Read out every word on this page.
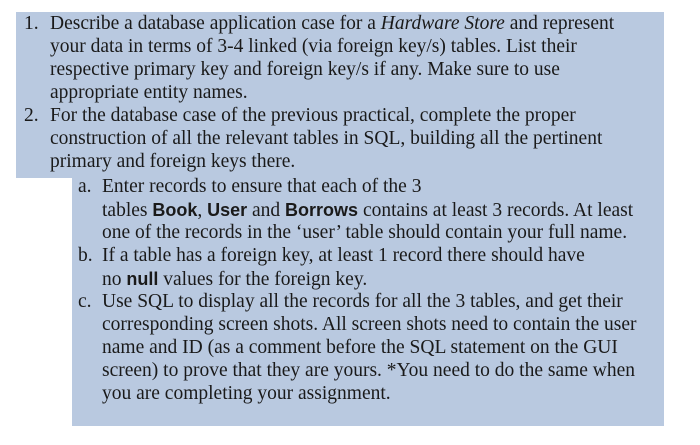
1. Describe a database application case for a Hardware Store and represent
your data in terms of 3-4 linked (via foreign key/s) tables. List their
respective primary key and foreign key/s if any. Make sure to use
appropriate entity names.
2. For the database case of the previous practical, complete the proper
construction of all the relevant tables in SQL, building all the pertinent
primary and foreign keys there.
a. Enter records to ensure that each of the 3
tables Book, User and Borrows contains at least 3 records. At least
one of the records in the ‘user’ table should contain your full name.
b. If a table has a foreign key, at least 1 record there should have
no null values for the foreign key.
c. Use SQL to display all the records for all the 3 tables, and get their
corresponding screen shots. All screen shots need to contain the user
name and ID (as a comment before the SQL statement on the GUI
screen) to prove that they are yours. *You need to do the same when
you are completing your assignment.
